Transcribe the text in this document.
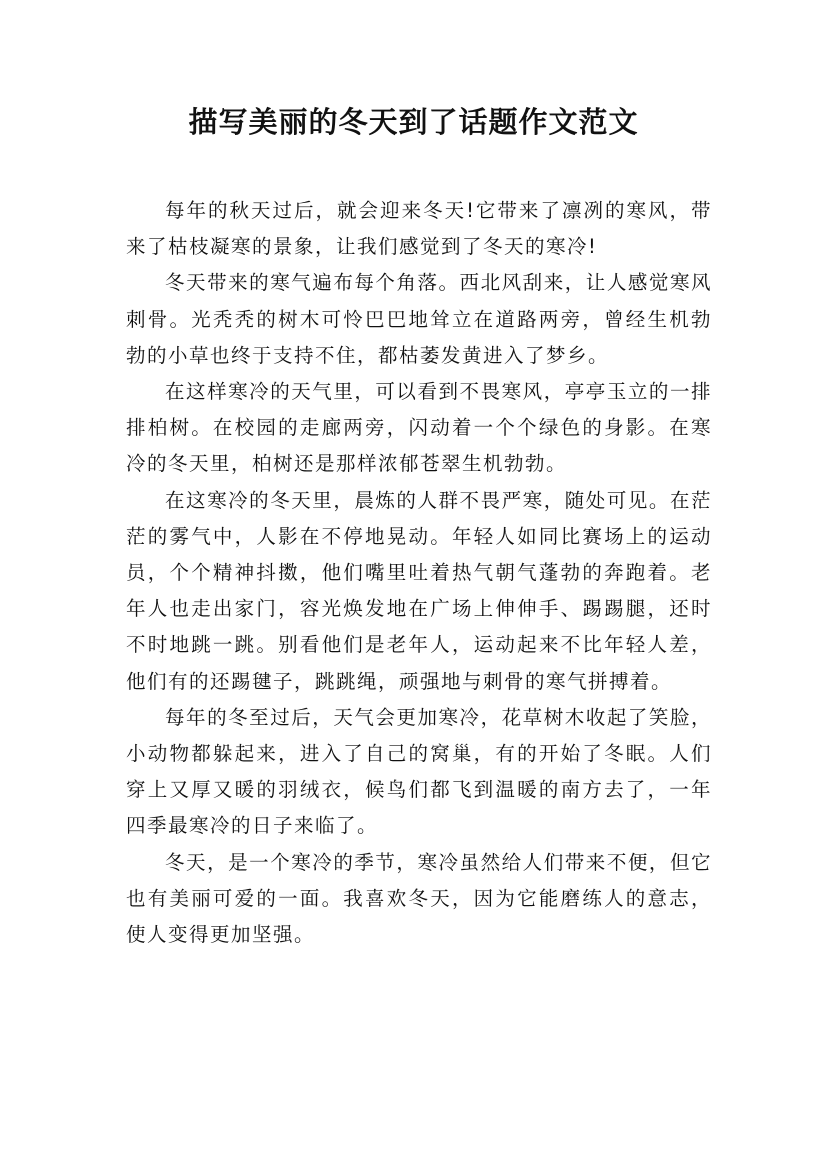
描写美丽的冬天到了话题作文范文

每年的秋天过后，就会迎来冬天!它带来了凛冽的寒风，带来了枯枝凝寒的景象，让我们感觉到了冬天的寒冷!

冬天带来的寒气遍布每个角落。西北风刮来，让人感觉寒风刺骨。光秃秃的树木可怜巴巴地耸立在道路两旁，曾经生机勃勃的小草也终于支持不住，都枯萎发黄进入了梦乡。

在这样寒冷的天气里，可以看到不畏寒风，亭亭玉立的一排排柏树。在校园的走廊两旁，闪动着一个个绿色的身影。在寒冷的冬天里，柏树还是那样浓郁苍翠生机勃勃。

在这寒冷的冬天里，晨炼的人群不畏严寒，随处可见。在茫茫的雾气中，人影在不停地晃动。年轻人如同比赛场上的运动员，个个精神抖擞，他们嘴里吐着热气朝气蓬勃的奔跑着。老年人也走出家门，容光焕发地在广场上伸伸手、踢踢腿，还时不时地跳一跳。别看他们是老年人，运动起来不比年轻人差，他们有的还踢毽子，跳跳绳，顽强地与刺骨的寒气拼搏着。

每年的冬至过后，天气会更加寒冷，花草树木收起了笑脸，小动物都躲起来，进入了自己的窝巢，有的开始了冬眠。人们穿上又厚又暖的羽绒衣，候鸟们都飞到温暖的南方去了，一年四季最寒冷的日子来临了。

冬天，是一个寒冷的季节，寒冷虽然给人们带来不便，但它也有美丽可爱的一面。我喜欢冬天，因为它能磨练人的意志，使人变得更加坚强。
